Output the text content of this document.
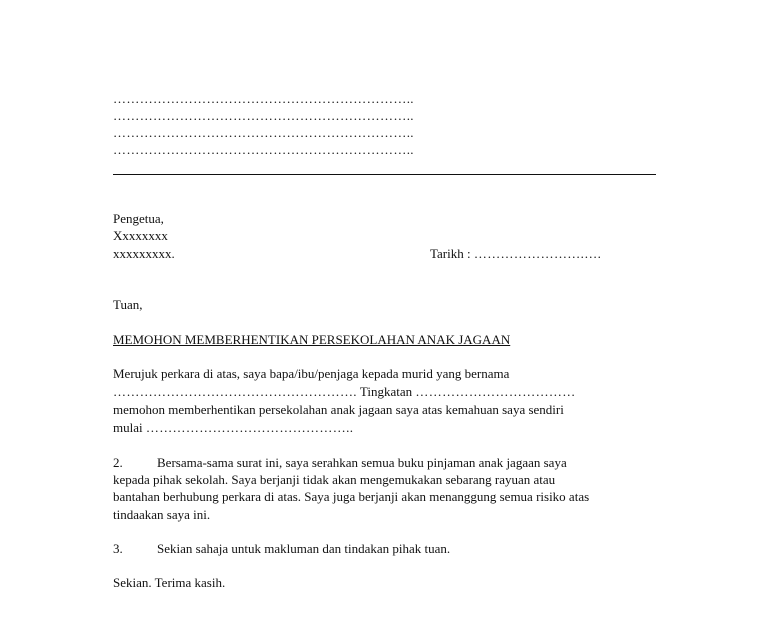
…………………………………………………………..
…………………………………………………………..
…………………………………………………………..
…………………………………………………………..
Pengetua,
Xxxxxxxx
xxxxxxxxx.	Tarikh : …………………….….
Tuan,
MEMOHON MEMBERHENTIKAN PERSEKOLAHAN ANAK JAGAAN
Merujuk perkara di atas, saya bapa/ibu/penjaga kepada murid yang bernama
………………………………………………. Tingkatan ………………………………
memohon memberhentikan persekolahan anak jagaan saya atas kemahuan saya sendiri
mulai ………………………………………..
2.	Bersama-sama surat ini, saya serahkan semua buku pinjaman anak jagaan saya
kepada pihak sekolah. Saya berjanji tidak akan mengemukakan sebarang rayuan atau
bantahan berhubung perkara di atas. Saya juga berjanji akan menanggung semua risiko atas
tindaakan saya ini.
3.	Sekian sahaja untuk makluman dan tindakan pihak tuan.
Sekian. Terima kasih.
